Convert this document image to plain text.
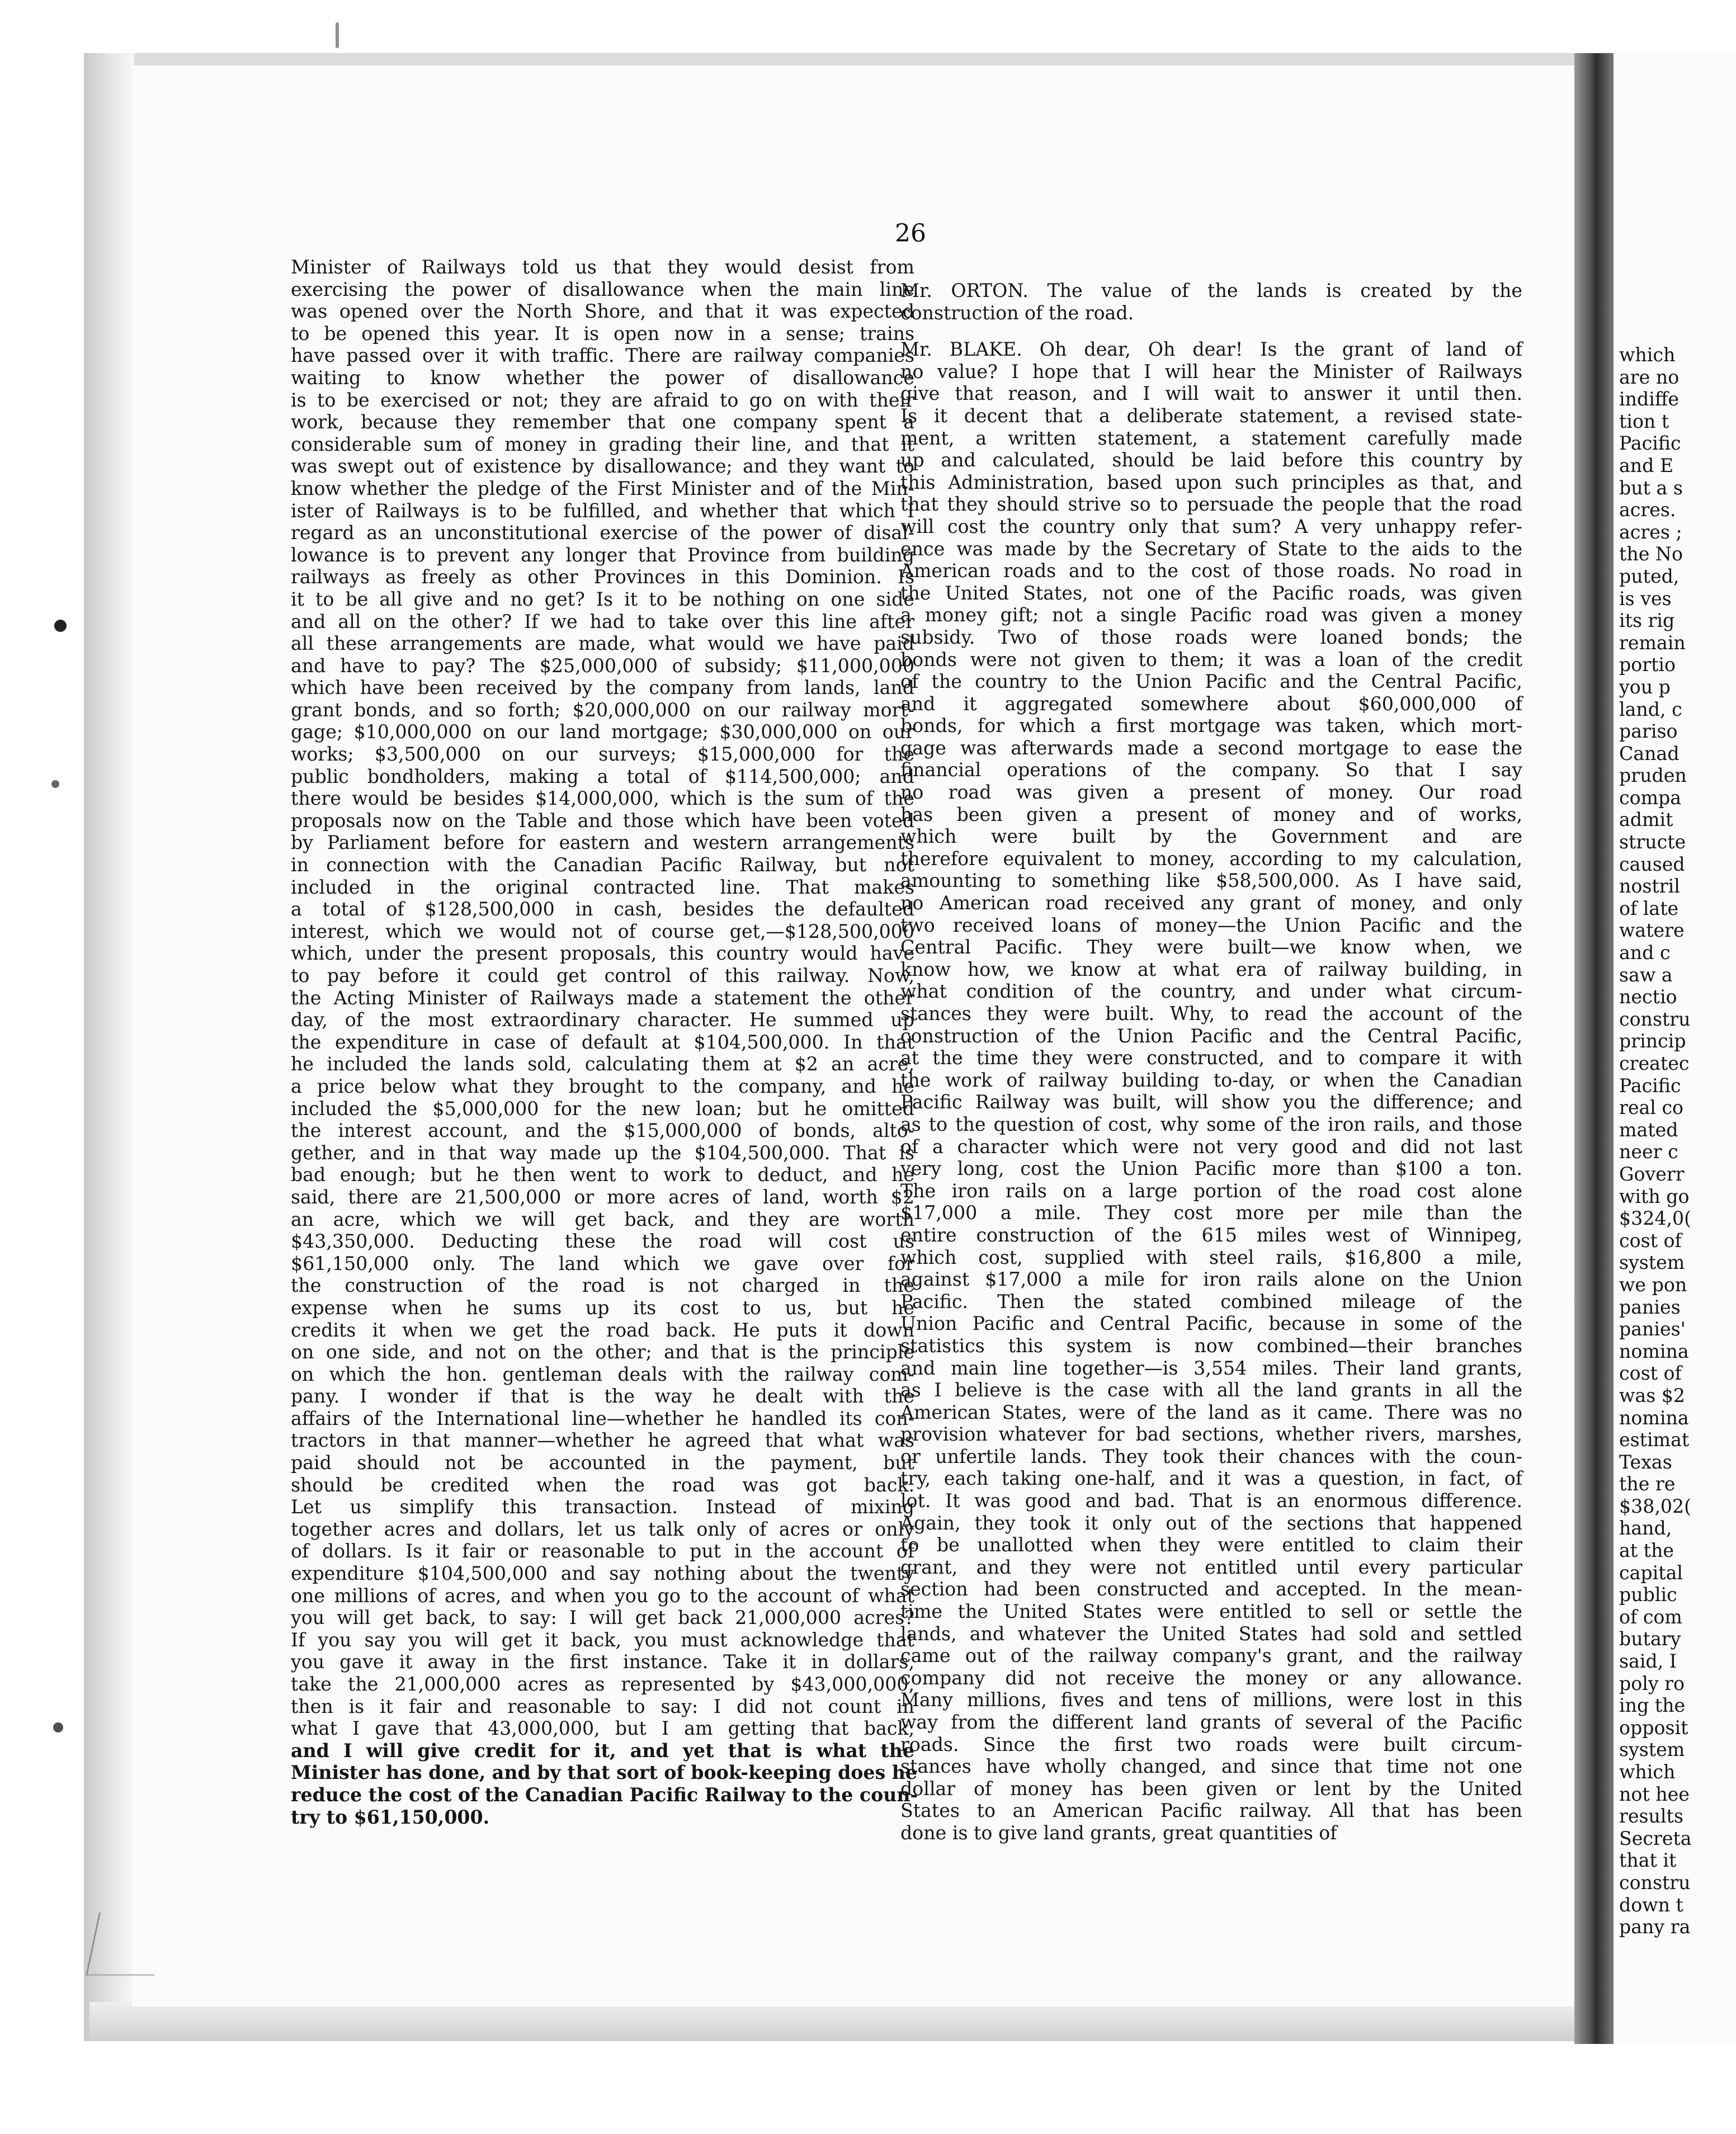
which
are no
indiffe
tion t
Pacific
and E
but a s
acres.
acres ;
the No
puted,
is ves
its rig
remain
portio
you p
land, c
pariso
Canad
pruden
compa
admit
structe
caused
nostril
of late
watere
and c
saw a
nectio
constru
princip
createc
Pacific
real co
mated
neer c
Goverr
with go
$324,0(
cost of
system
we pon
panies
panies'
nomina
cost of
was $2
nomina
estimat
Texas
the re
$38,02(
hand,
at the
capital
public
of com
butary
said, I
poly ro
ing the
opposit
system
which
not hee
results
Secreta
that it
constru
down t
pany ra
26
Minister of Railways told us that they would desist from
exercising the power of disallowance when the main line
was opened over the North Shore, and that it was expected
to be opened this year. It is open now in a sense; trains
have passed over it with traffic. There are railway companies
waiting to know whether the power of disallowance
is to be exercised or not; they are afraid to go on with their
work, because they remember that one company spent a
considerable sum of money in grading their line, and that it
was swept out of existence by disallowance; and they want to
know whether the pledge of the First Minister and of the Min-
ister of Railways is to be fulfilled, and whether that which I
regard as an unconstitutional exercise of the power of disal-
lowance is to prevent any longer that Province from building
railways as freely as other Provinces in this Dominion. Is
it to be all give and no get? Is it to be nothing on one side
and all on the other? If we had to take over this line after
all these arrangements are made, what would we have paid
and have to pay? The $25,000,000 of subsidy; $11,000,000
which have been received by the company from lands, land
grant bonds, and so forth; $20,000,000 on our railway mort-
gage; $10,000,000 on our land mortgage; $30,000,000 on our
works; $3,500,000 on our surveys; $15,000,000 for the
public bondholders, making a total of $114,500,000; and
there would be besides $14,000,000, which is the sum of the
proposals now on the Table and those which have been voted
by Parliament before for eastern and western arrangements
in connection with the Canadian Pacific Railway, but not
included in the original contracted line. That makes
a total of $128,500,000 in cash, besides the defaulted
interest, which we would not of course get,—$128,500,000
which, under the present proposals, this country would have
to pay before it could get control of this railway. Now,
the Acting Minister of Railways made a statement the other
day, of the most extraordinary character. He summed up
the expenditure in case of default at $104,500,000. In that
he included the lands sold, calculating them at $2 an acre,
a price below what they brought to the company, and he
included the $5,000,000 for the new loan; but he omitted
the interest account, and the $15,000,000 of bonds, alto-
gether, and in that way made up the $104,500,000. That is
bad enough; but he then went to work to deduct, and he
said, there are 21,500,000 or more acres of land, worth $2
an acre, which we will get back, and they are worth
$43,350,000. Deducting these the road will cost us
$61,150,000 only. The land which we gave over for
the construction of the road is not charged in the
expense when he sums up its cost to us, but he
credits it when we get the road back. He puts it down
on one side, and not on the other; and that is the principle
on which the hon. gentleman deals with the railway com-
pany. I wonder if that is the way he dealt with the
affairs of the International line—whether he handled its con-
tractors in that manner—whether he agreed that what was
paid should not be accounted in the payment, but
should be credited when the road was got back.
Let us simplify this transaction. Instead of mixing
together acres and dollars, let us talk only of acres or only
of dollars. Is it fair or reasonable to put in the account of
expenditure $104,500,000 and say nothing about the twenty
one millions of acres, and when you go to the account of what
you will get back, to say: I will get back 21,000,000 acres?
If you say you will get it back, you must acknowledge that
you gave it away in the first instance. Take it in dollars,
take the 21,000,000 acres as represented by $43,000,000,
then is it fair and reasonable to say: I did not count in
what I gave that 43,000,000, but I am getting that back,
and I will give credit for it, and yet that is what the
Minister has done, and by that sort of book-keeping does he
reduce the cost of the Canadian Pacific Railway to the coun-
try to $61,150,000.
Mr. ORTON. The value of the lands is created by the
construction of the road.
Mr. BLAKE. Oh dear, Oh dear! Is the grant of land of
no value? I hope that I will hear the Minister of Railways
give that reason, and I will wait to answer it until then.
Is it decent that a deliberate statement, a revised state-
ment, a written statement, a statement carefully made
up and calculated, should be laid before this country by
this Administration, based upon such principles as that, and
that they should strive so to persuade the people that the road
will cost the country only that sum? A very unhappy refer-
ence was made by the Secretary of State to the aids to the
American roads and to the cost of those roads. No road in
the United States, not one of the Pacific roads, was given
a money gift; not a single Pacific road was given a money
subsidy. Two of those roads were loaned bonds; the
bonds were not given to them; it was a loan of the credit
of the country to the Union Pacific and the Central Pacific,
and it aggregated somewhere about $60,000,000 of
bonds, for which a first mortgage was taken, which mort-
gage was afterwards made a second mortgage to ease the
financial operations of the company. So that I say
no road was given a present of money. Our road
has been given a present of money and of works,
which were built by the Government and are
therefore equivalent to money, according to my calculation,
amounting to something like $58,500,000. As I have said,
no American road received any grant of money, and only
two received loans of money—the Union Pacific and the
Central Pacific. They were built—we know when, we
know how, we know at what era of railway building, in
what condition of the country, and under what circum-
stances they were built. Why, to read the account of the
construction of the Union Pacific and the Central Pacific,
at the time they were constructed, and to compare it with
the work of railway building to-day, or when the Canadian
Pacific Railway was built, will show you the difference; and
as to the question of cost, why some of the iron rails, and those
of a character which were not very good and did not last
very long, cost the Union Pacific more than $100 a ton.
The iron rails on a large portion of the road cost alone
$17,000 a mile. They cost more per mile than the
entire construction of the 615 miles west of Winnipeg,
which cost, supplied with steel rails, $16,800 a mile,
against $17,000 a mile for iron rails alone on the Union
Pacific. Then the stated combined mileage of the
Union Pacific and Central Pacific, because in some of the
statistics this system is now combined—their branches
and main line together—is 3,554 miles. Their land grants,
as I believe is the case with all the land grants in all the
American States, were of the land as it came. There was no
provision whatever for bad sections, whether rivers, marshes,
or unfertile lands. They took their chances with the coun-
try, each taking one-half, and it was a question, in fact, of
lot. It was good and bad. That is an enormous difference.
Again, they took it only out of the sections that happened
to be unallotted when they were entitled to claim their
grant, and they were not entitled until every particular
section had been constructed and accepted. In the mean-
time the United States were entitled to sell or settle the
lands, and whatever the United States had sold and settled
came out of the railway company's grant, and the railway
company did not receive the money or any allowance.
Many millions, fives and tens of millions, were lost in this
way from the different land grants of several of the Pacific
roads. Since the first two roads were built circum-
stances have wholly changed, and since that time not one
dollar of money has been given or lent by the United
States to an American Pacific railway. All that has been
done is to give land grants, great quantities of
